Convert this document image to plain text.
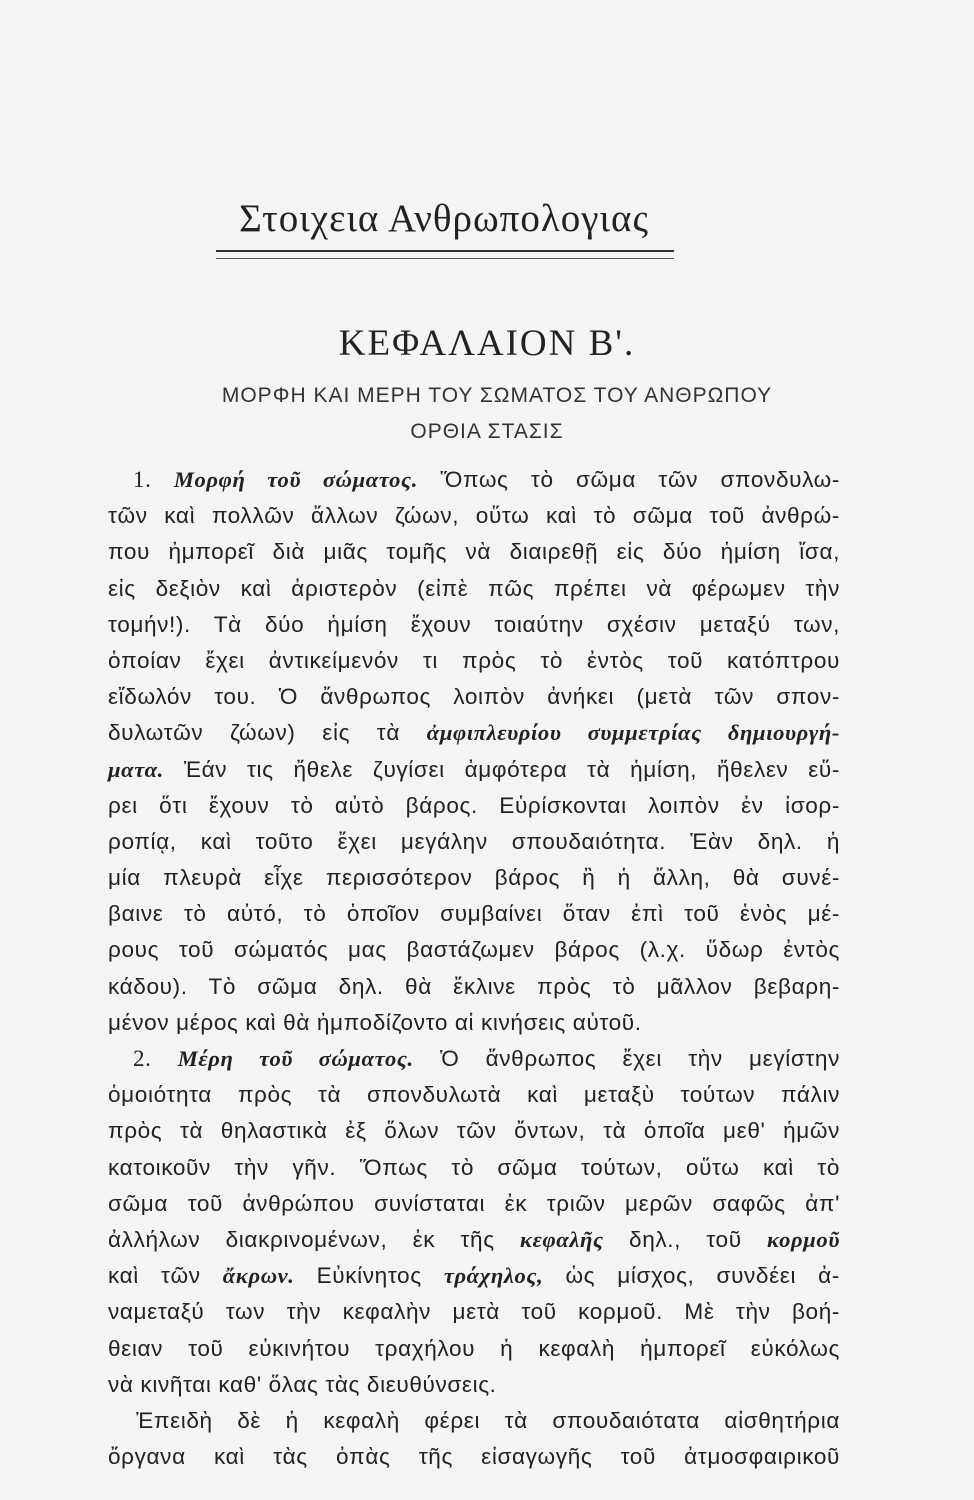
Στοιχεια Ανθρωπολογιας
ΚΕΦΑΛΑΙΟΝ Β'.
ΜΟΡΦΗ ΚΑΙ ΜΕΡΗ ΤΟΥ ΣΩΜΑΤΟΣ ΤΟΥ ΑΝΘΡΩΠΟΥ
ΟΡΘΙΑ ΣΤΑΣΙΣ
1. Μορφή τοῦ σώματος. Ὅπως τὸ σῶμα τῶν σπονδυλω-
τῶν καὶ πολλῶν ἄλλων ζώων, οὕτω καὶ τὸ σῶμα τοῦ ἀνθρώ-
που ἠμπορεῖ διὰ μιᾶς τομῆς νὰ διαιρεθῇ εἰς δύο ἡμίση ἴσα,
εἰς δεξιὸν καὶ ἀριστερὸν (εἰπὲ πῶς πρέπει νὰ φέρωμεν τὴν
τομήν!). Τὰ δύο ἡμίση ἔχουν τοιαύτην σχέσιν μεταξύ των,
ὁποίαν ἔχει ἀντικείμενόν τι πρὸς τὸ ἐντὸς τοῦ κατόπτρου
εἴδωλόν του. Ὁ ἄνθρωπος λοιπὸν ἀνήκει (μετὰ τῶν σπον-
δυλωτῶν ζώων) εἰς τὰ ἀμφιπλευρίου συμμετρίας δημιουργή-
ματα. Ἐάν τις ἤθελε ζυγίσει ἀμφότερα τὰ ἡμίση, ἤθελεν εὕ-
ρει ὅτι ἔχουν τὸ αὐτὸ βάρος. Εὑρίσκονται λοιπὸν ἐν ἰσορ-
ροπίᾳ, καὶ τοῦτο ἔχει μεγάλην σπουδαιότητα. Ἐὰν δηλ. ἡ
μία πλευρὰ εἶχε περισσότερον βάρος ἢ ἡ ἄλλη, θὰ συνέ-
βαινε τὸ αὐτό, τὸ ὁποῖον συμβαίνει ὅταν ἐπὶ τοῦ ἑνὸς μέ-
ρους τοῦ σώματός μας βαστάζωμεν βάρος (λ.χ. ὕδωρ ἐντὸς
κάδου). Τὸ σῶμα δηλ. θὰ ἔκλινε πρὸς τὸ μᾶλλον βεβαρη-
μένον μέρος καὶ θὰ ἠμποδίζοντο αἱ κινήσεις αὐτοῦ.
2. Μέρη τοῦ σώματος. Ὁ ἄνθρωπος ἔχει τὴν μεγίστην
ὁμοιότητα πρὸς τὰ σπονδυλωτὰ καὶ μεταξὺ τούτων πάλιν
πρὸς τὰ θηλαστικὰ ἐξ ὅλων τῶν ὄντων, τὰ ὁποῖα μεθ' ἡμῶν
κατοικοῦν τὴν γῆν. Ὅπως τὸ σῶμα τούτων, οὕτω καὶ τὸ
σῶμα τοῦ ἀνθρώπου συνίσταται ἐκ τριῶν μερῶν σαφῶς ἀπ'
ἀλλήλων διακρινομένων, ἐκ τῆς κεφαλῆς δηλ., τοῦ κορμοῦ
καὶ τῶν ἄκρων. Εὐκίνητος τράχηλος, ὡς μίσχος, συνδέει ἀ-
ναμεταξύ των τὴν κεφαλὴν μετὰ τοῦ κορμοῦ. Μὲ τὴν βοή-
θειαν τοῦ εὐκινήτου τραχήλου ἡ κεφαλὴ ἠμπορεῖ εὐκόλως
νὰ κινῆται καθ' ὅλας τὰς διευθύνσεις.
Ἐπειδὴ δὲ ἡ κεφαλὴ φέρει τὰ σπουδαιότατα αἰσθητήρια
ὄργανα καὶ τὰς ὀπὰς τῆς εἰσαγωγῆς τοῦ ἀτμοσφαιρικοῦ
